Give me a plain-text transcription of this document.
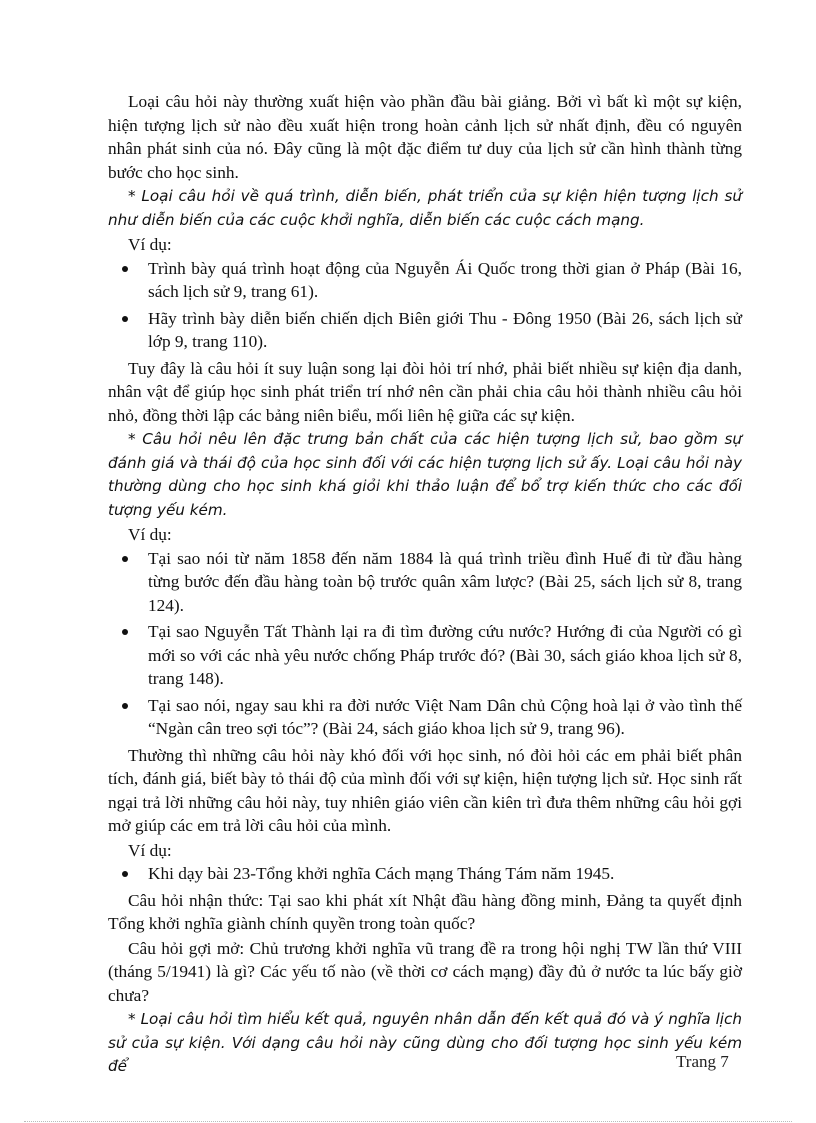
Loại câu hỏi này thường xuất hiện vào phần đầu bài giảng. Bởi vì bất kì một sự kiện, hiện tượng lịch sử nào đều xuất hiện trong hoàn cảnh lịch sử nhất định, đều có nguyên nhân phát sinh của nó. Đây cũng là một đặc điểm tư duy của lịch sử cần hình thành từng bước cho học sinh.

* Loại câu hỏi về quá trình, diễn biến, phát triển của sự kiện hiện tượng lịch sử như diễn biến của các cuộc khởi nghĩa, diễn biến các cuộc cách mạng.

Ví dụ:

Trình bày quá trình hoạt động của Nguyễn Ái Quốc trong thời gian ở Pháp (Bài 16, sách lịch sử 9, trang 61).
Hãy trình bày diễn biến chiến dịch Biên giới Thu - Đông 1950 (Bài 26, sách lịch sử lớp 9, trang 110).

Tuy đây là câu hỏi ít suy luận song lại đòi hỏi trí nhớ, phải biết nhiều sự kiện địa danh, nhân vật để giúp học sinh phát triển trí nhớ nên cần phải chia câu hỏi thành nhiều câu hỏi nhỏ, đồng thời lập các bảng niên biểu, mối liên hệ giữa các sự kiện.

* Câu hỏi nêu lên đặc trưng bản chất của các hiện tượng lịch sử, bao gồm sự đánh giá và thái độ của học sinh đối với các hiện tượng lịch sử ấy. Loại câu hỏi này thường dùng cho học sinh khá giỏi khi thảo luận để bổ trợ kiến thức cho các đối tượng yếu kém.

Ví dụ:

Tại sao nói từ năm 1858 đến năm 1884 là quá trình triều đình Huế đi từ đầu hàng từng bước đến đầu hàng toàn bộ trước quân xâm lược? (Bài 25, sách lịch sử 8, trang 124).
Tại sao Nguyễn Tất Thành lại ra đi tìm đường cứu nước? Hướng đi của Người có gì mới so với các nhà yêu nước chống Pháp trước đó? (Bài 30, sách giáo khoa lịch sử 8, trang 148).
Tại sao nói, ngay sau khi ra đời nước Việt Nam Dân chủ Cộng hoà lại ở vào tình thế “Ngàn cân treo sợi tóc”? (Bài 24, sách giáo khoa lịch sử 9, trang 96).

Thường thì những câu hỏi này khó đối với học sinh, nó đòi hỏi các em phải biết phân tích, đánh giá, biết bày tỏ thái độ của mình đối với sự kiện, hiện tượng lịch sử. Học sinh rất ngại trả lời những câu hỏi này, tuy nhiên giáo viên cần kiên trì đưa thêm những câu hỏi gợi mở giúp các em trả lời câu hỏi của mình.

Ví dụ:

Khi dạy bài 23-Tổng khởi nghĩa Cách mạng Tháng Tám năm 1945.

Câu hỏi nhận thức: Tại sao khi phát xít Nhật đầu hàng đồng minh, Đảng ta quyết định Tổng khởi nghĩa giành chính quyền trong toàn quốc?

Câu hỏi gợi mở: Chủ trương khởi nghĩa vũ trang đề ra trong hội nghị TW lần thứ VIII (tháng 5/1941) là gì? Các yếu tố nào (về thời cơ cách mạng) đầy đủ ở nước ta lúc bấy giờ chưa?

* Loại câu hỏi tìm hiểu kết quả, nguyên nhân dẫn đến kết quả đó và ý nghĩa lịch sử của sự kiện. Với dạng câu hỏi này cũng dùng cho đối tượng học sinh yếu kém để	Trang 7
